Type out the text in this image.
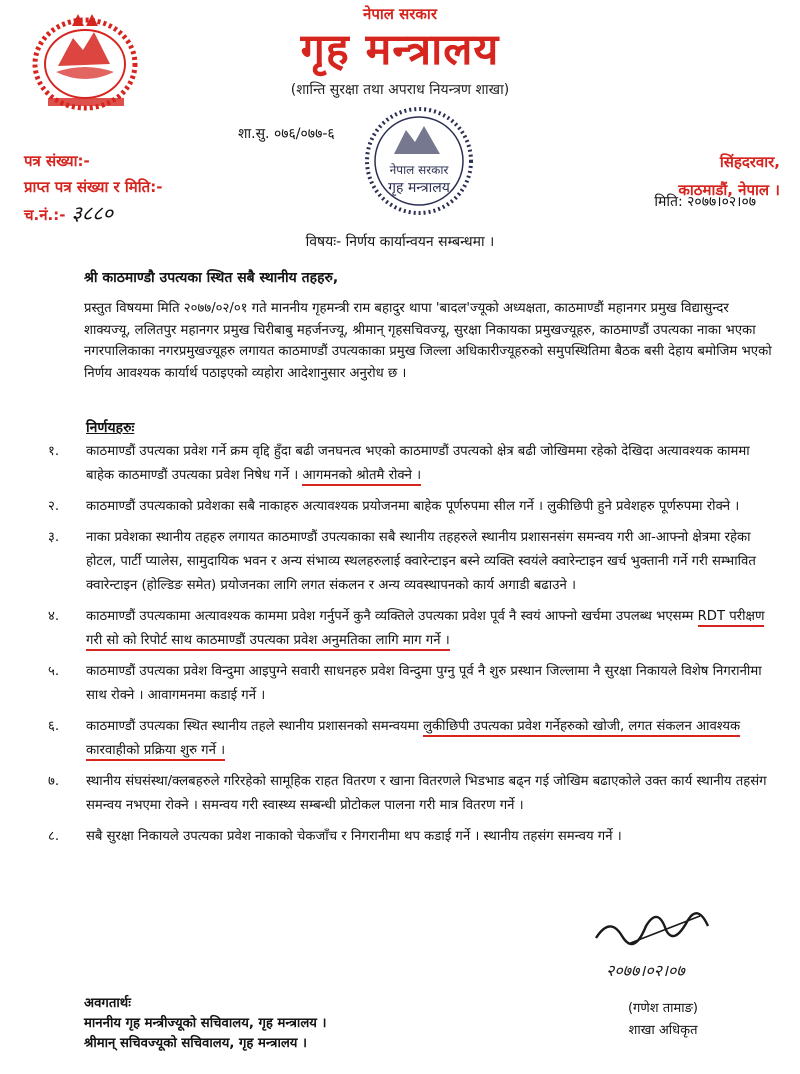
नेपाल सरकार
गृह मन्त्रालय
(शान्ति सुरक्षा तथा अपराध नियन्त्रण शाखा)
नेपाल सरकार
गृह मन्त्रालय
शा.सु. ०७६/०७७-६
पत्र संख्या:-
प्राप्त पत्र संख्या र मिति:-
च.नं.:- ३८८०
सिंहदरवार,
काठमाडौं, नेपाल ।
मिति: २०७७।०२।०७
विषयः- निर्णय कार्यान्वयन सम्बन्धमा ।
श्री काठमाण्डौ उपत्यका स्थित सबै स्थानीय तहहरु,
प्रस्तुत विषयमा मिति २०७७/०२/०१ गते माननीय गृहमन्त्री राम बहादुर थापा 'बादल'ज्यूको अध्यक्षता, काठमाण्डौं महानगर प्रमुख विद्यासुन्दर शाक्यज्यू, ललितपुर महानगर प्रमुख चिरीबाबु महर्जनज्यू, श्रीमान् गृहसचिवज्यू, सुरक्षा निकायका प्रमुखज्यूहरु, काठमाण्डौं उपत्यका नाका भएका नगरपालिकाका नगरप्रमुखज्यूहरु लगायत काठमाण्डौं उपत्यकाका प्रमुख जिल्ला अधिकारीज्यूहरुको समुपस्थितिमा बैठक बसी देहाय बमोजिम भएको निर्णय आवश्यक कार्यार्थ पठाइएको व्यहोरा आदेशानुसार अनुरोध छ ।
निर्णयहरुः
१.	काठमाण्डौं उपत्यका प्रवेश गर्ने क्रम वृद्दि हुँदा बढी जनघनत्व भएको काठमाण्डौं उपत्यको क्षेत्र बढी जोखिममा रहेको देखिदा अत्यावश्यक काममा बाहेक काठमाण्डौं उपत्यका प्रवेश निषेध गर्ने । आगमनको श्रोतमै रोक्ने ।
२.	काठमाण्डौं उपत्यकाको प्रवेशका सबै नाकाहरु अत्यावश्यक प्रयोजनमा बाहेक पूर्णरुपमा सील गर्ने । लुकीछिपी हुने प्रवेशहरु पूर्णरुपमा रोक्ने ।
३.	नाका प्रवेशका स्थानीय तहहरु लगायत काठमाण्डौं उपत्यकाका सबै स्थानीय तहहरुले स्थानीय प्रशासनसंग समन्वय गरी आ-आफ्नो क्षेत्रमा रहेका होटल, पार्टी प्यालेस, सामुदायिक भवन र अन्य संभाव्य स्थलहरुलाई क्वारेन्टाइन बस्ने व्यक्ति स्वयंले क्वारेन्टाइन खर्च भुक्तानी गर्ने गरी सम्भावित क्वारेन्टाइन (होल्डिङ समेत) प्रयोजनका लागि लगत संकलन र अन्य व्यवस्थापनको कार्य अगाडी बढाउने ।
४.	काठमाण्डौं उपत्यकामा अत्यावश्यक काममा प्रवेश गर्नुपर्ने कुनै व्यक्तिले उपत्यका प्रवेश पूर्व नै स्वयं आफ्नो खर्चमा उपलब्ध भएसम्म RDT परीक्षण गरी सो को रिपोर्ट साथ काठमाण्डौं उपत्यका प्रवेश अनुमतिका लागि माग गर्ने ।
५.	काठमाण्डौं उपत्यका प्रवेश विन्दुमा आइपुग्ने सवारी साधनहरु प्रवेश विन्दुमा पुग्नु पूर्व नै शुरु प्रस्थान जिल्लामा नै सुरक्षा निकायले विशेष निगरानीमा साथ रोक्ने । आवागमनमा कडाई गर्ने ।
६.	काठमाण्डौं उपत्यका स्थित स्थानीय तहले स्थानीय प्रशासनको समन्वयमा लुकीछिपी उपत्यका प्रवेश गर्नेहरुको खोजी, लगत संकलन आवश्यक कारवाहीको प्रक्रिया शुरु गर्ने ।
७.	स्थानीय संघसंस्था/क्लबहरुले गरिरहेको सामूहिक राहत वितरण र खाना वितरणले भिडभाड बढ्न गई जोखिम बढाएकोले उक्त कार्य स्थानीय तहसंग समन्वय नभएमा रोक्ने । समन्वय गरी स्वास्थ्य सम्बन्धी प्रोटोकल पालना गरी मात्र वितरण गर्ने ।
८.	सबै सुरक्षा निकायले उपत्यका प्रवेश नाकाको चेकजाँच र निगरानीमा थप कडाई गर्ने । स्थानीय तहसंग समन्वय गर्ने ।
२०७७।०२।०७
(गणेश तामाङ)
शाखा अधिकृत
अवगतार्थः
माननीय गृह मन्त्रीज्यूको सचिवालय, गृह मन्त्रालय ।
श्रीमान् सचिवज्यूको सचिवालय, गृह मन्त्रालय ।
